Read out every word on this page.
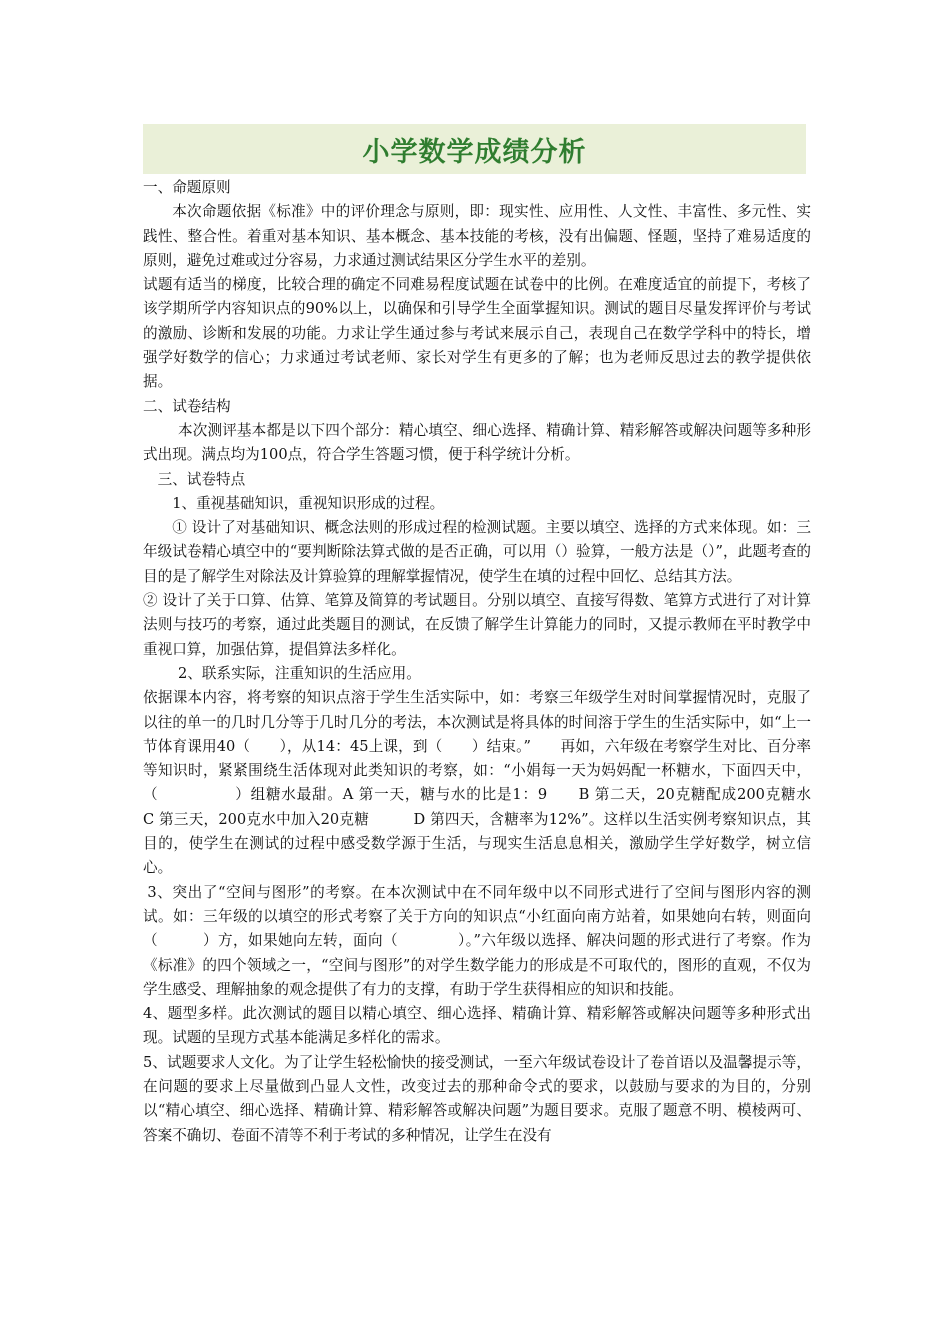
小学数学成绩分析

一、命题原则

本次命题依据《标准》中的评价理念与原则，即：现实性、应用性、人文性、丰富性、多元性、实践性、整合性。着重对基本知识、基本概念、基本技能的考核，没有出偏题、怪题，坚持了难易适度的原则，避免过难或过分容易，力求通过测试结果区分学生水平的差别。

试题有适当的梯度，比较合理的确定不同难易程度试题在试卷中的比例。在难度适宜的前提下，考核了该学期所学内容知识点的90%以上，以确保和引导学生全面掌握知识。测试的题目尽量发挥评价与考试的激励、诊断和发展的功能。力求让学生通过参与考试来展示自己，表现自己在数学学科中的特长，增强学好数学的信心；力求通过考试老师、家长对学生有更多的了解；也为老师反思过去的教学提供依据。

二、试卷结构

本次测评基本都是以下四个部分：精心填空、细心选择、精确计算、精彩解答或解决问题等多种形式出现。满点均为100点，符合学生答题习惯，便于科学统计分析。

三、试卷特点

1、重视基础知识，重视知识形成的过程。

① 设计了对基础知识、概念法则的形成过程的检测试题。主要以填空、选择的方式来体现。如：三年级试卷精心填空中的“要判断除法算式做的是否正确，可以用（）验算，一般方法是（）”，此题考查的目的是了解学生对除法及计算验算的理解掌握情况，使学生在填的过程中回忆、总结其方法。

② 设计了关于口算、估算、笔算及简算的考试题目。分别以填空、直接写得数、笔算方式进行了对计算法则与技巧的考察，通过此类题目的测试，在反馈了解学生计算能力的同时，又提示教师在平时教学中重视口算，加强估算，提倡算法多样化。

2、联系实际，注重知识的生活应用。

依据课本内容，将考察的知识点溶于学生生活实际中，如：考察三年级学生对时间掌握情况时，克服了以往的单一的几时几分等于几时几分的考法，本次测试是将具体的时间溶于学生的生活实际中，如“上一节体育课用40（　　），从14：45上课，到（　　）结束。”　　再如，六年级在考察学生对比、百分率等知识时，紧紧围绕生活体现对此类知识的考察，如：“小娟每一天为妈妈配一杯糖水，下面四天中，（　　　　　）组糖水最甜。A 第一天，糖与水的比是1：9　　B 第二天，20克糖配成200克糖水　　　　C 第三天，200克水中加入20克糖　　　D 第四天，含糖率为12%”。这样以生活实例考察知识点，其目的，使学生在测试的过程中感受数学源于生活，与现实生活息息相关，激励学生学好数学，树立信心。

3、突出了“空间与图形”的考察。在本次测试中在不同年级中以不同形式进行了空间与图形内容的测试。如：三年级的以填空的形式考察了关于方向的知识点“小红面向南方站着，如果她向右转，则面向（　　　）方，如果她向左转，面向（　　　　）。”六年级以选择、解决问题的形式进行了考察。作为《标准》的四个领域之一，“空间与图形”的对学生数学能力的形成是不可取代的，图形的直观，不仅为学生感受、理解抽象的观念提供了有力的支撑，有助于学生获得相应的知识和技能。

4、题型多样。此次测试的题目以精心填空、细心选择、精确计算、精彩解答或解决问题等多种形式出现。试题的呈现方式基本能满足多样化的需求。

5、试题要求人文化。为了让学生轻松愉快的接受测试，一至六年级试卷设计了卷首语以及温馨提示等，在问题的要求上尽量做到凸显人文性，改变过去的那种命令式的要求，以鼓励与要求的为目的，分别以“精心填空、细心选择、精确计算、精彩解答或解决问题”为题目要求。克服了题意不明、模棱两可、答案不确切、卷面不清等不利于考试的多种情况，让学生在没有
